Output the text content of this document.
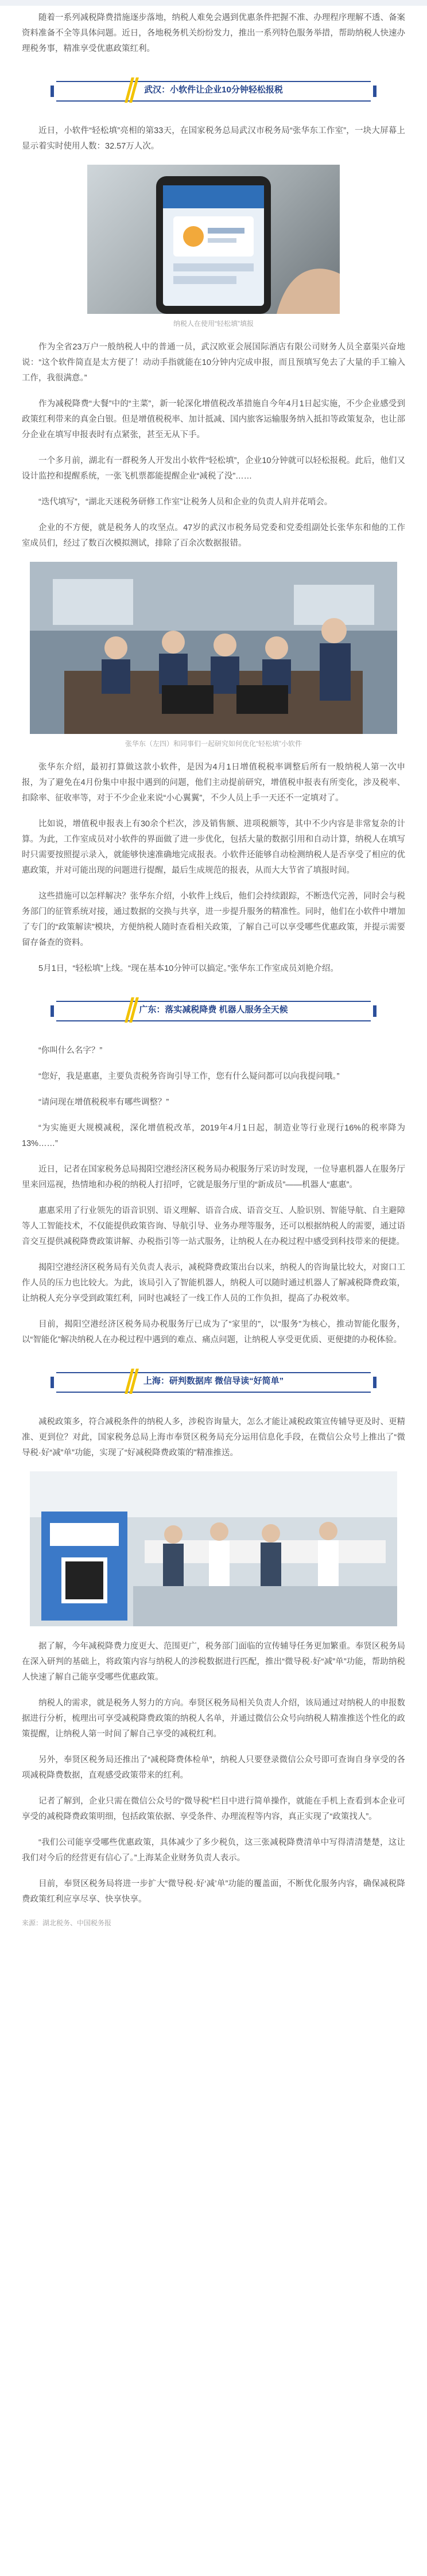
随着一系列减税降费措施逐步落地，纳税人难免会遇到优惠条件把握不准、办理程序理解不透、备案资料准备不全等具体问题。近日，各地税务机关纷纷发力，推出一系列特色服务举措，帮助纳税人快速办理税务事，精准享受优惠政策红利。

武汉：小软件让企业10分钟轻松报税

近日，小软件“轻松填”亮相的第33天，在国家税务总局武汉市税务局“张华东工作室”，一块大屏幕上显示着实时使用人数：32.57万人次。

纳税人在使用“轻松填”填报

作为全省23万户一般纳税人中的普通一员，武汉欧亚会展国际酒店有限公司财务人员全嘉渠兴奋地说：“这个软件简直是太方便了！动动手指就能在10分钟内完成申报，而且预填写免去了大量的手工输入工作，我很满意。”

作为减税降费“大餐”中的“主菜”，新一轮深化增值税改革措施自今年4月1日起实施，不少企业感受到政策红利带来的真金白银。但是增值税税率、加计抵减、国内旅客运输服务纳入抵扣等政策复杂，也让部分企业在填写申报表时有点紧张，甚至无从下手。

一个多月前，湖北有一群税务人开发出小软件“轻松填”，企业10分钟就可以轻松报税。此后，他们又设计监控和提醒系统，一张飞机票都能提醒企业“减税了没”……

“迭代填写”，“湖北天迷税务研修工作室”让税务人员和企业的负责人肩并花哨会。

企业的不方便，就是税务人的攻坚点。47岁的武汉市税务局党委和党委组副处长张华东和他的工作室成员们，经过了数百次模拟测试，排除了百余次数据报错。

张华东（左四）和同事们一起研究如何优化“轻松填”小软件

张华东介绍，最初打算做这款小软件，是因为4月1日增值税税率调整后所有一般纳税人第一次申报，为了避免在4月份集中申报中遇到的问题，他们主动提前研究，增值税申报表有所变化，涉及税率、扣除率、征收率等，对于不少企业来说“小心翼翼”，不少人员上手一天还不一定填对了。

比如说，增值税申报表上有30余个栏次，涉及销售额、进项税额等，其中不少内容是非常复杂的计算。为此，工作室成员对小软件的界面做了进一步优化，包括大量的数据引用和自动计算，纳税人在填写时只需要按照提示录入，就能够快速准确地完成报表。小软件还能够自动检测纳税人是否享受了相应的优惠政策，并对可能出现的问题进行提醒，最后生成规范的报表，从而大大节省了填报时间。

这些措施可以怎样解决？张华东介绍，小软件上线后，他们会持续跟踪，不断迭代完善，同时会与税务部门的征管系统对接，通过数据的交换与共享，进一步提升服务的精准性。同时，他们在小软件中增加了专门的“政策解读”模块，方便纳税人随时查看相关政策，了解自己可以享受哪些优惠政策，并提示需要留存备查的资料。

5月1日，“轻松填”上线。“现在基本10分钟可以搞定。”张华东工作室成员刘艳介绍。

广东：落实减税降费 机器人服务全天候

“你叫什么名字？”

“您好，我是惠惠，主要负责税务咨询引导工作，您有什么疑问都可以向我提问哦。”

“请问现在增值税税率有哪些调整？”

“为实施更大规模减税，深化增值税改革，2019年4月1日起，制造业等行业现行16%的税率降为13%……”

近日，记者在国家税务总局揭阳空港经济区税务局办税服务厅采访时发现，一位导惠机器人在服务厅里来回巡视，热情地和办税的纳税人打招呼，它就是服务厅里的“新成员”——机器人“惠惠”。

惠惠采用了行业领先的语音识别、语义理解、语音合成、语音交互、人脸识别、智能导航、自主避障等人工智能技术，不仅能提供政策咨询、导航引导、业务办理等服务，还可以根据纳税人的需要，通过语音交互提供减税降费政策讲解、办税指引等一站式服务，让纳税人在办税过程中感受到科技带来的便捷。

揭阳空港经济区税务局有关负责人表示，减税降费政策出台以来，纳税人的咨询量比较大，对窗口工作人员的压力也比较大。为此，该局引入了智能机器人，纳税人可以随时通过机器人了解减税降费政策，让纳税人充分享受到政策红利，同时也减轻了一线工作人员的工作负担，提高了办税效率。

目前，揭阳空港经济区税务局办税服务厅已成为了“家里的”，以“服务”为核心，推动智能化服务，以“智能化”解决纳税人在办税过程中遇到的难点、痛点问题，让纳税人享受更优质、更便捷的办税体验。

上海：研判数据库 微信导读“好简单”

减税政策多，符合减税条件的纳税人多，涉税咨询量大，怎么才能让减税政策宣传辅导更及时、更精准、更到位？对此，国家税务总局上海市奉贤区税务局充分运用信息化手段，在微信公众号上推出了“微导税·好“减”单”功能，实现了“好减税降费政策的”精准推送。

据了解，今年减税降费力度更大、范围更广，税务部门面临的宣传辅导任务更加繁重。奉贤区税务局在深入研判的基础上，将政策内容与纳税人的涉税数据进行匹配，推出“微导税·好“减”单”功能，帮助纳税人快速了解自己能享受哪些优惠政策。

纳税人的需求，就是税务人努力的方向。奉贤区税务局相关负责人介绍，该局通过对纳税人的申报数据进行分析，梳理出可享受减税降费政策的纳税人名单，并通过微信公众号向纳税人精准推送个性化的政策提醒，让纳税人第一时间了解自己享受的减税红利。

另外，奉贤区税务局还推出了“减税降费体检单”，纳税人只要登录微信公众号即可查询自身享受的各项减税降费数据，直观感受政策带来的红利。

记者了解到，企业只需在微信公众号的“微导税”栏目中进行简单操作，就能在手机上查看到本企业可享受的减税降费政策明细，包括政策依据、享受条件、办理流程等内容，真正实现了“政策找人”。

“我们公司能享受哪些优惠政策，具体减少了多少税负，这三张减税降费清单中写得清清楚楚，这让我们对今后的经营更有信心了。”上海某企业财务负责人表示。

目前，奉贤区税务局将进一步扩大“微导税·好‘减’单”功能的覆盖面，不断优化服务内容，确保减税降费政策红利应享尽享、快享快享。

来源：湖北税务、中国税务报
